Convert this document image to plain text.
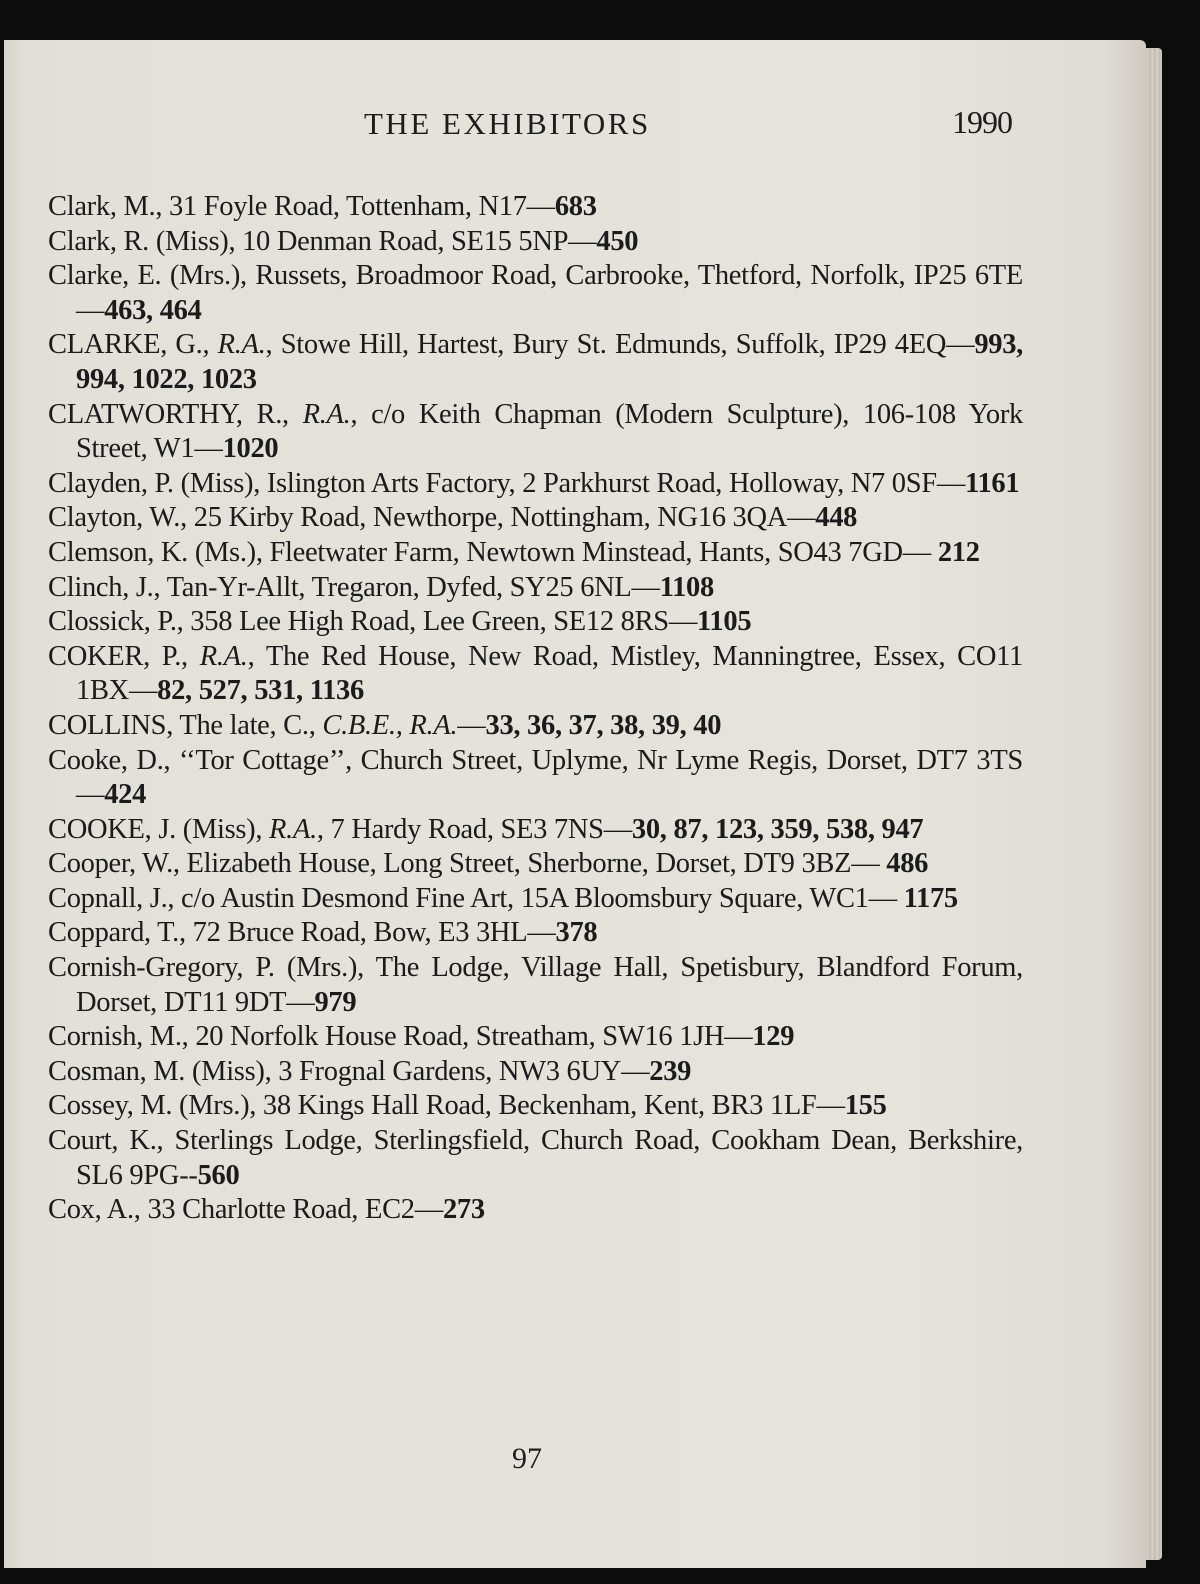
THE EXHIBITORS	1990
Clark, M., 31 Foyle Road, Tottenham, N17—683
Clark, R. (Miss), 10 Denman Road, SE15 5NP—450
Clarke, E. (Mrs.), Russets, Broadmoor Road, Carbrooke, Thetford, Norfolk, IP25 6TE—463, 464
CLARKE, G., R.A., Stowe Hill, Hartest, Bury St. Edmunds, Suffolk, IP29 4EQ—993, 994, 1022, 1023
CLATWORTHY, R., R.A., c/o Keith Chapman (Modern Sculpture), 106-108 York Street, W1—1020
Clayden, P. (Miss), Islington Arts Factory, 2 Parkhurst Road, Holloway, N7 0SF—1161
Clayton, W., 25 Kirby Road, Newthorpe, Nottingham, NG16 3QA—448
Clemson, K. (Ms.), Fleetwater Farm, Newtown Minstead, Hants, SO43 7GD— 212
Clinch, J., Tan-Yr-Allt, Tregaron, Dyfed, SY25 6NL—1108
Clossick, P., 358 Lee High Road, Lee Green, SE12 8RS—1105
COKER, P., R.A., The Red House, New Road, Mistley, Manningtree, Essex, CO11 1BX—82, 527, 531, 1136
COLLINS, The late, C., C.B.E., R.A.—33, 36, 37, 38, 39, 40
Cooke, D., ‘‘Tor Cottage’’, Church Street, Uplyme, Nr Lyme Regis, Dorset, DT7 3TS—424
COOKE, J. (Miss), R.A., 7 Hardy Road, SE3 7NS—30, 87, 123, 359, 538, 947
Cooper, W., Elizabeth House, Long Street, Sherborne, Dorset, DT9 3BZ— 486
Copnall, J., c/o Austin Desmond Fine Art, 15A Bloomsbury Square, WC1— 1175
Coppard, T., 72 Bruce Road, Bow, E3 3HL—378
Cornish-Gregory, P. (Mrs.), The Lodge, Village Hall, Spetisbury, Blandford Forum, Dorset, DT11 9DT—979
Cornish, M., 20 Norfolk House Road, Streatham, SW16 1JH—129
Cosman, M. (Miss), 3 Frognal Gardens, NW3 6UY—239
Cossey, M. (Mrs.), 38 Kings Hall Road, Beckenham, Kent, BR3 1LF—155
Court, K., Sterlings Lodge, Sterlingsfield, Church Road, Cookham Dean, Berkshire, SL6 9PG--560
Cox, A., 33 Charlotte Road, EC2—273
97
